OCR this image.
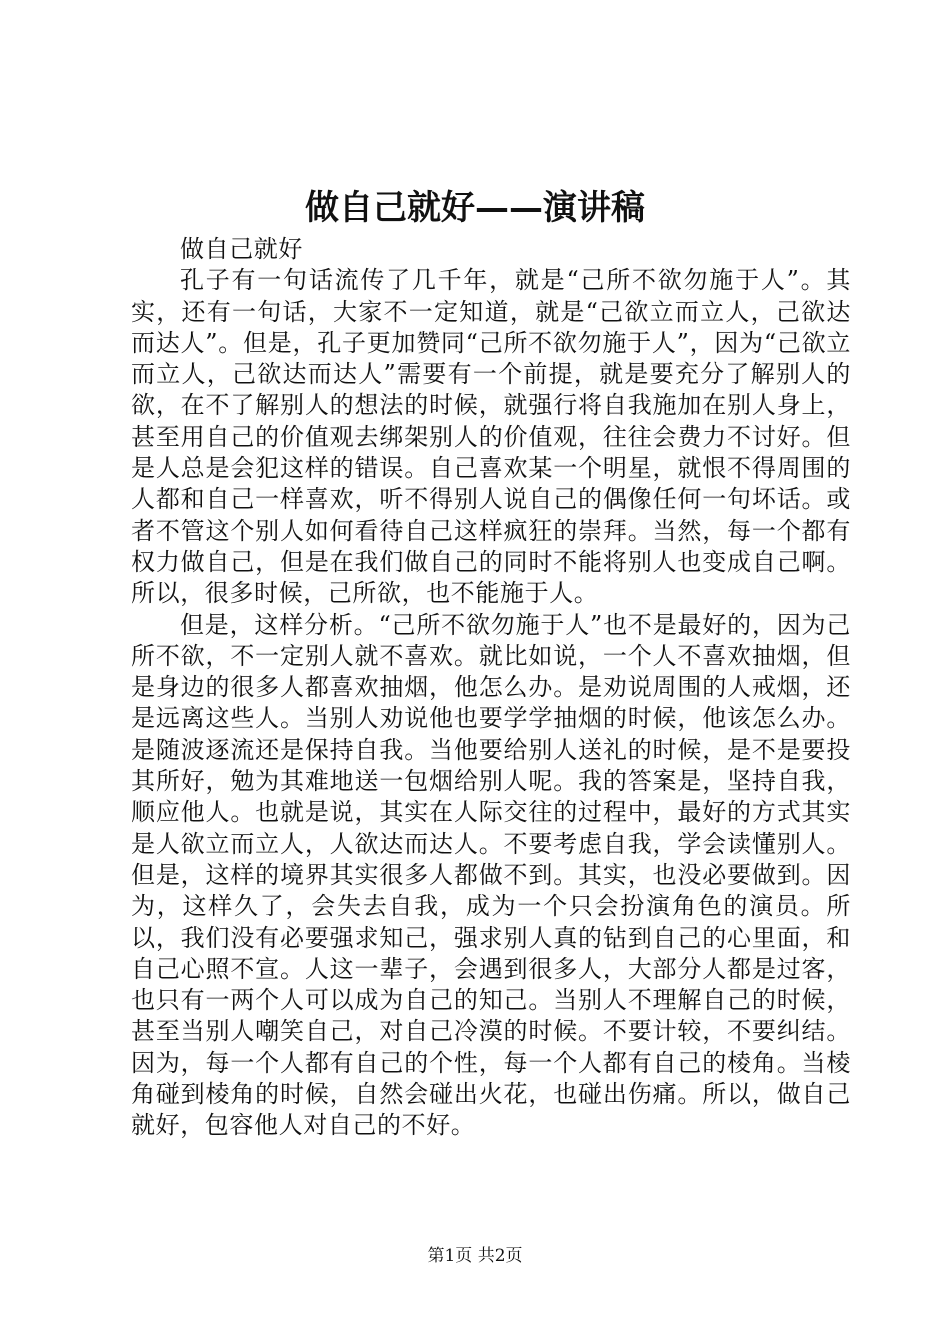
做自己就好——演讲稿

做自己就好

孔子有一句话流传了几千年，就是“己所不欲勿施于人”。其实，还有一句话，大家不一定知道，就是“己欲立而立人，己欲达而达人”。但是，孔子更加赞同“己所不欲勿施于人”，因为“己欲立而立人，己欲达而达人”需要有一个前提，就是要充分了解别人的欲，在不了解别人的想法的时候，就强行将自我施加在别人身上，甚至用自己的价值观去绑架别人的价值观，往往会费力不讨好。但是人总是会犯这样的错误。自己喜欢某一个明星，就恨不得周围的人都和自己一样喜欢，听不得别人说自己的偶像任何一句坏话。或者不管这个别人如何看待自己这样疯狂的崇拜。当然，每一个都有权力做自己，但是在我们做自己的同时不能将别人也变成自己啊。所以，很多时候，己所欲，也不能施于人。

但是，这样分析。“己所不欲勿施于人”也不是最好的，因为己所不欲，不一定别人就不喜欢。就比如说，一个人不喜欢抽烟，但是身边的很多人都喜欢抽烟，他怎么办。是劝说周围的人戒烟，还是远离这些人。当别人劝说他也要学学抽烟的时候，他该怎么办。是随波逐流还是保持自我。当他要给别人送礼的时候，是不是要投其所好，勉为其难地送一包烟给别人呢。我的答案是，坚持自我，顺应他人。也就是说，其实在人际交往的过程中，最好的方式其实是人欲立而立人，人欲达而达人。不要考虑自我，学会读懂别人。但是，这样的境界其实很多人都做不到。其实，也没必要做到。因为，这样久了，会失去自我，成为一个只会扮演角色的演员。所以，我们没有必要强求知己，强求别人真的钻到自己的心里面，和自己心照不宣。人这一辈子，会遇到很多人，大部分人都是过客，也只有一两个人可以成为自己的知己。当别人不理解自己的时候，甚至当别人嘲笑自己，对自己冷漠的时候。不要计较，不要纠结。因为，每一个人都有自己的个性，每一个人都有自己的棱角。当棱角碰到棱角的时候，自然会碰出火花，也碰出伤痛。所以，做自己就好，包容他人对自己的不好。

第1页 共2页
